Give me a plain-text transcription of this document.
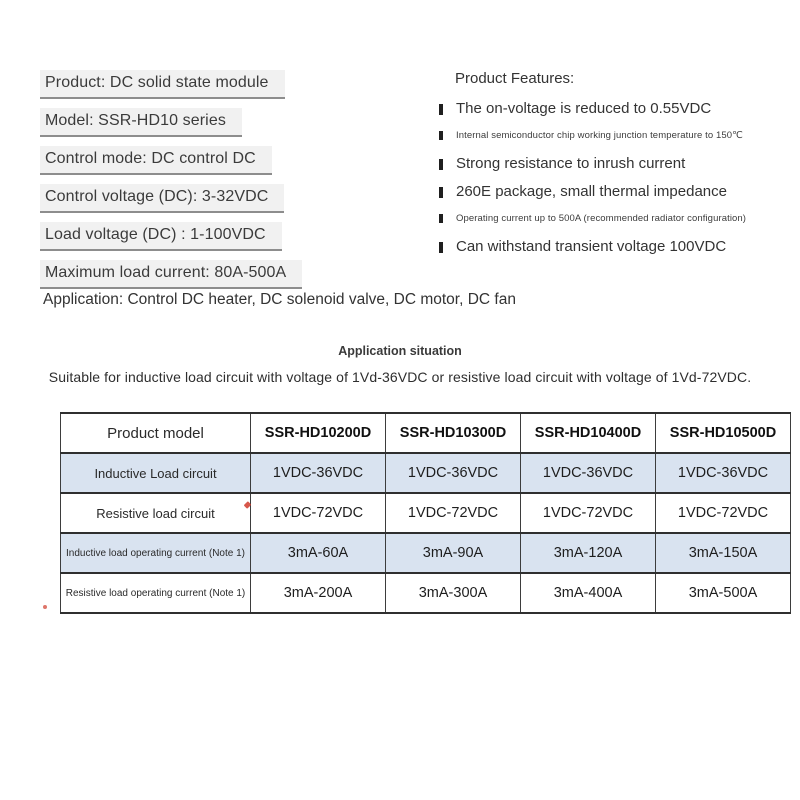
Product: DC solid state module
Model: SSR-HD10 series
Control mode: DC control DC
Control voltage (DC): 3-32VDC
Load voltage (DC) : 1-100VDC
Maximum load current: 80A-500A
Product Features:
The on-voltage is reduced to 0.55VDC
Internal semiconductor chip working junction temperature to 150℃
Strong resistance to inrush current
260E package, small thermal impedance
Operating current up to 500A (recommended radiator configuration)
Can withstand transient voltage 100VDC
Application: Control DC heater, DC solenoid valve, DC motor, DC fan
Application situation
Suitable for inductive load circuit with voltage of 1Vd-36VDC or resistive load circuit with voltage of 1Vd-72VDC.
Product model	SSR-HD10200D	SSR-HD10300D	SSR-HD10400D	SSR-HD10500D
Inductive Load circuit	1VDC-36VDC	1VDC-36VDC	1VDC-36VDC	1VDC-36VDC
Resistive load circuit	1VDC-72VDC	1VDC-72VDC	1VDC-72VDC	1VDC-72VDC
Inductive load operating current (Note 1)	3mA-60A	3mA-90A	3mA-120A	3mA-150A
Resistive load operating current (Note 1)	3mA-200A	3mA-300A	3mA-400A	3mA-500A
